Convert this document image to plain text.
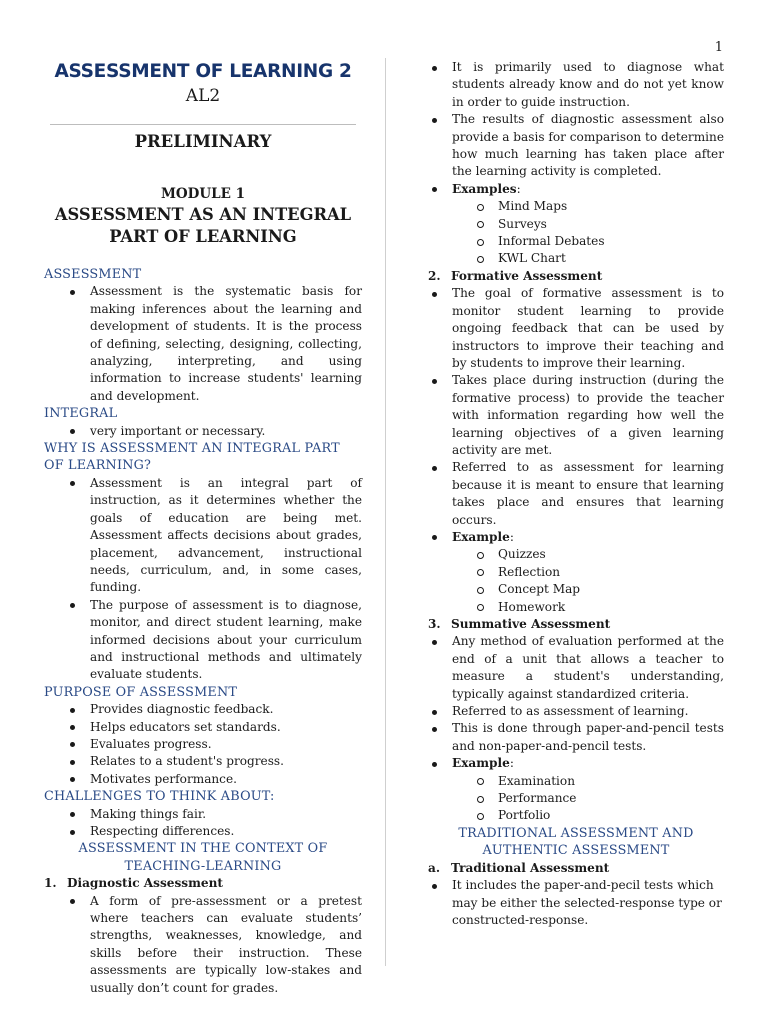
1
ASSESSMENT OF LEARNING 2
AL2
PRELIMINARY
MODULE 1
ASSESSMENT AS AN INTEGRAL
PART OF LEARNING
ASSESSMENT
Assessment is the systematic basis for making inferences about the learning and development of students. It is the process of defining, selecting, designing, collecting, analyzing, interpreting, and using information to increase students' learning and development.
INTEGRAL
very important or necessary.
WHY IS ASSESSMENT AN INTEGRAL PART OF LEARNING?
Assessment is an integral part of instruction, as it determines whether the goals of education are being met. Assessment affects decisions about grades, placement, advancement, instructional needs, curriculum, and, in some cases, funding.
The purpose of assessment is to diagnose, monitor, and direct student learning, make informed decisions about your curriculum and instructional methods and ultimately evaluate students.
PURPOSE OF ASSESSMENT
Provides diagnostic feedback.
Helps educators set standards.
Evaluates progress.
Relates to a student's progress.
Motivates performance.
CHALLENGES TO THINK ABOUT:
Making things fair.
Respecting differences.
ASSESSMENT IN THE CONTEXT OF TEACHING-LEARNING
1. Diagnostic Assessment
A form of pre-assessment or a pretest where teachers can evaluate students’ strengths, weaknesses, knowledge, and skills before their instruction. These assessments are typically low-stakes and usually don’t count for grades.
It is primarily used to diagnose what students already know and do not yet know in order to guide instruction.
The results of diagnostic assessment also provide a basis for comparison to determine how much learning has taken place after the learning activity is completed.
Examples:
Mind Maps
Surveys
Informal Debates
KWL Chart
2. Formative Assessment
The goal of formative assessment is to monitor student learning to provide ongoing feedback that can be used by instructors to improve their teaching and by students to improve their learning.
Takes place during instruction (during the formative process) to provide the teacher with information regarding how well the learning objectives of a given learning activity are met.
Referred to as assessment for learning because it is meant to ensure that learning takes place and ensures that learning occurs.
Example:
Quizzes
Reflection
Concept Map
Homework
3. Summative Assessment
Any method of evaluation performed at the end of a unit that allows a teacher to measure a student's understanding, typically against standardized criteria.
Referred to as assessment of learning.
This is done through paper-and-pencil tests and non-paper-and-pencil tests.
Example:
Examination
Performance
Portfolio
TRADITIONAL ASSESSMENT AND AUTHENTIC ASSESSMENT
a. Traditional Assessment
It includes the paper-and-pecil tests which may be either the selected-response type or constructed-response.
